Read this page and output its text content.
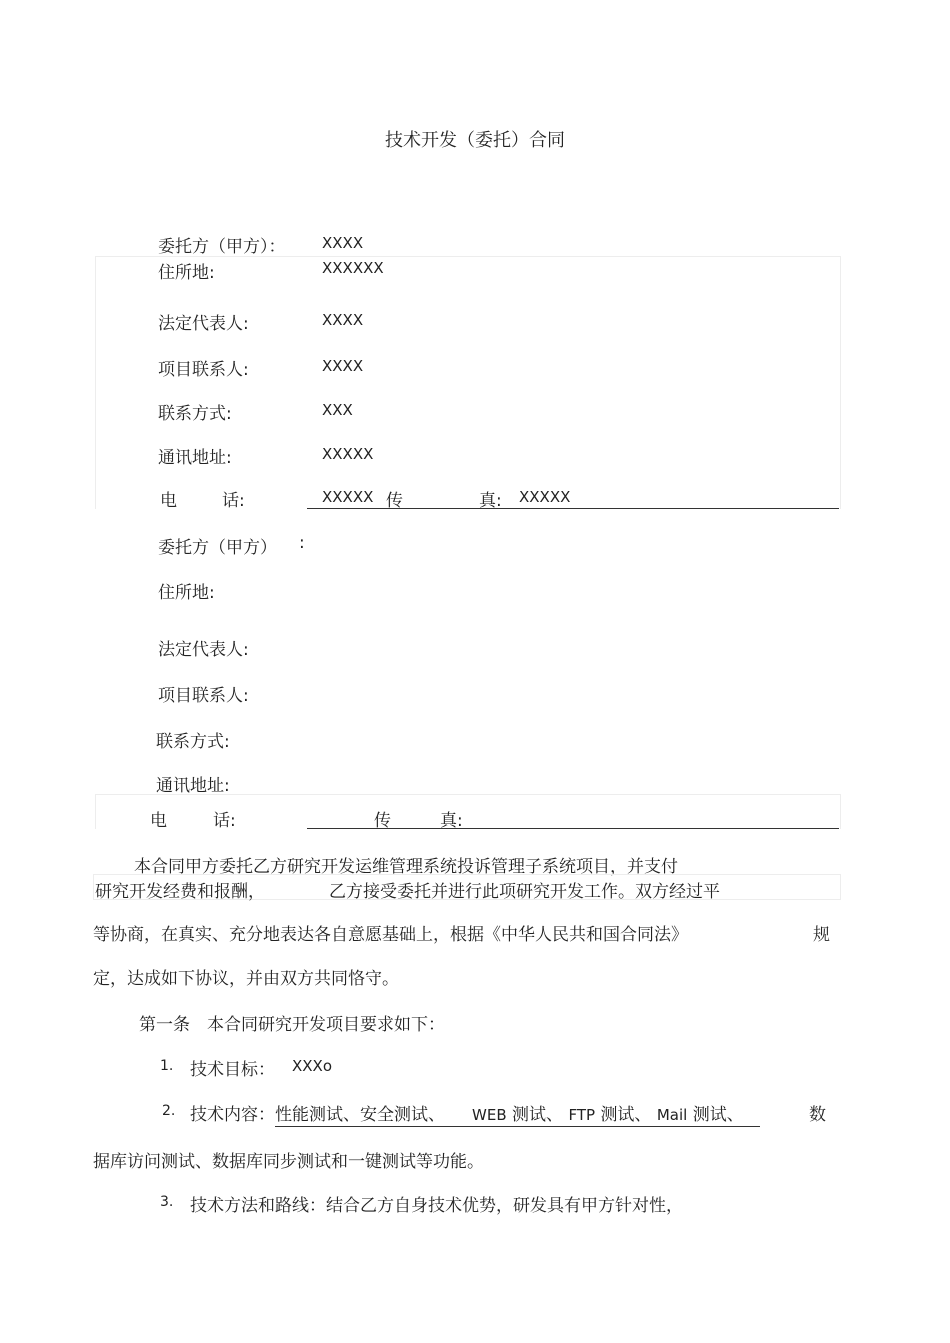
技术开发（委托）合同
委托方（甲方）： XXXX
住所地:	XXXXXX
法定代表人:	XXXX
项目联系人:	XXXX
联系方式:	XXX
通讯地址:	XXXXX
电	话:	XXXXX 传	真: XXXXX
委托方（甲方） :
住所地:
法定代表人:
项目联系人:
联系方式:
通讯地址:
电	话:	传	真:
本合同甲方委托乙方研究开发运维管理系统投诉管理子系统项目，并支付
研究开发经费和报酬，	乙方接受委托并进行此项研究开发工作。双方经过平
等协商，在真实、充分地表达各自意愿基础上，根据《中华人民共和国合同法》	规
定，达成如下协议，并由双方共同恪守。
第一条　本合同研究开发项目要求如下：
1. 技术目标： XXXo
2. 技术内容：性能测试、安全测试、 WEB 测试、 FTP 测试、 Mail 测试、	数
据库访问测试、数据库同步测试和一键测试等功能。
3. 技术方法和路线：结合乙方自身技术优势，研发具有甲方针对性，
